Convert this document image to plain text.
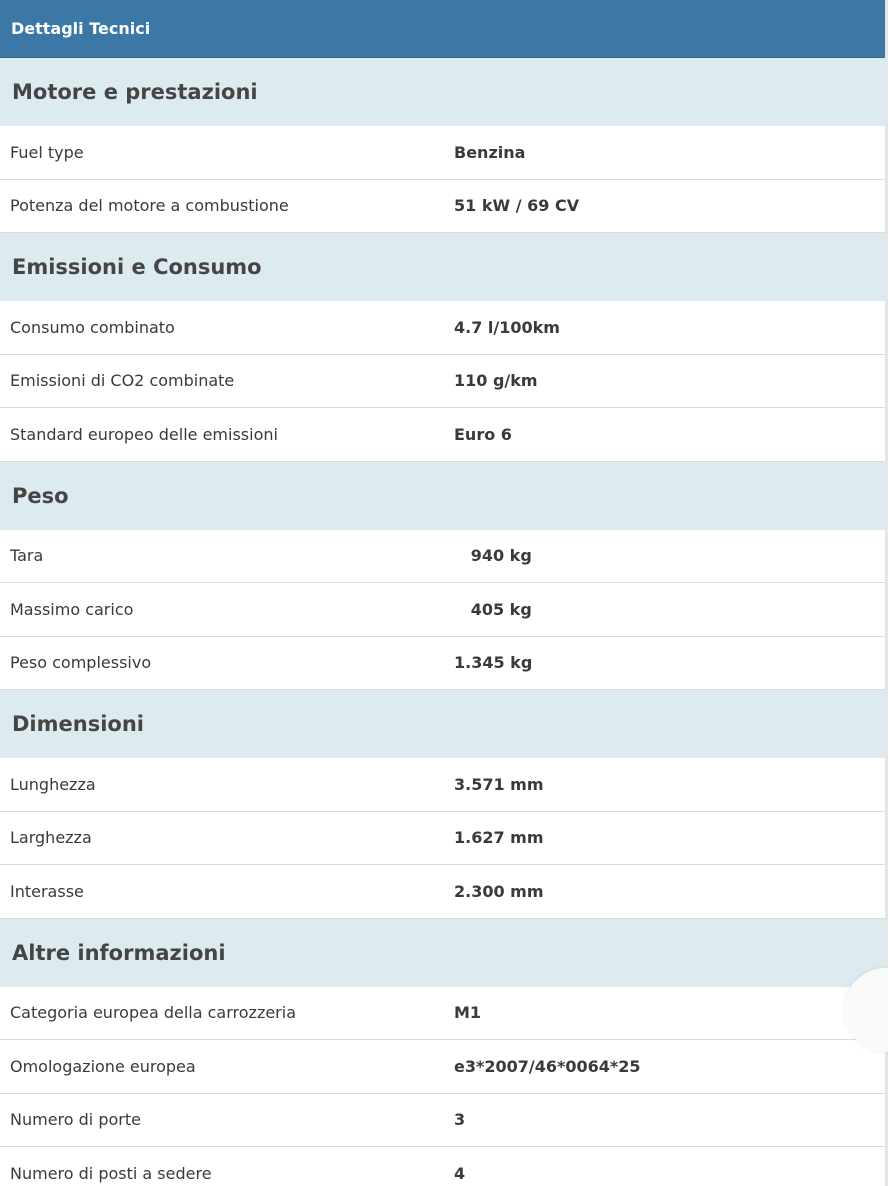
Dettagli Tecnici
Motore e prestazioni
Fuel type	Benzina
Potenza del motore a combustione	51 kW / 69 CV
Emissioni e Consumo
Consumo combinato	4.7 l/100km
Emissioni di CO2 combinate	110 g/km
Standard europeo delle emissioni	Euro 6
Peso
Tara	940 kg
Massimo carico	405 kg
Peso complessivo	1.345 kg
Dimensioni
Lunghezza	3.571 mm
Larghezza	1.627 mm
Interasse	2.300 mm
Altre informazioni
Categoria europea della carrozzeria	M1
Omologazione europea	e3*2007/46*0064*25
Numero di porte	3
Numero di posti a sedere	4
